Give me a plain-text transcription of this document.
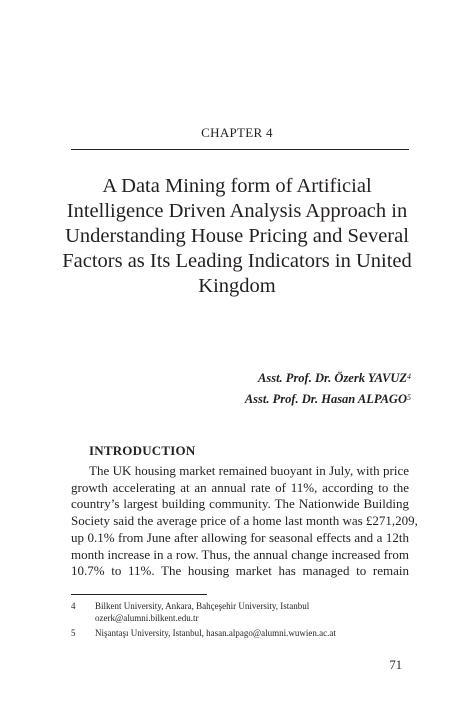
CHAPTER 4
A Data Mining form of Artificial
Intelligence Driven Analysis Approach in
Understanding House Pricing and Several
Factors as Its Leading Indicators in United
Kingdom
Asst. Prof. Dr. Özerk YAVUZ$^4$
Asst. Prof. Dr. Hasan ALPAGO$^5$
INTRODUCTION
The UK housing market remained buoyant in July, with price
growth accelerating at an annual rate of 11%, according to the
country’s largest building community. The Nationwide Building
Society said the average price of a home last month was £271,209,
up 0.1% from June after allowing for seasonal effects and a 12th
month increase in a row. Thus, the annual change increased from
10.7% to 11%. The housing market has managed to remain
4 Bilkent University, Ankara, Bahçeşehir University, Istanbul
ozerk@alumni.bilkent.edu.tr
5 Nişantaşı University, Istanbul, hasan.alpago@alumni.wuwien.ac.at
71
